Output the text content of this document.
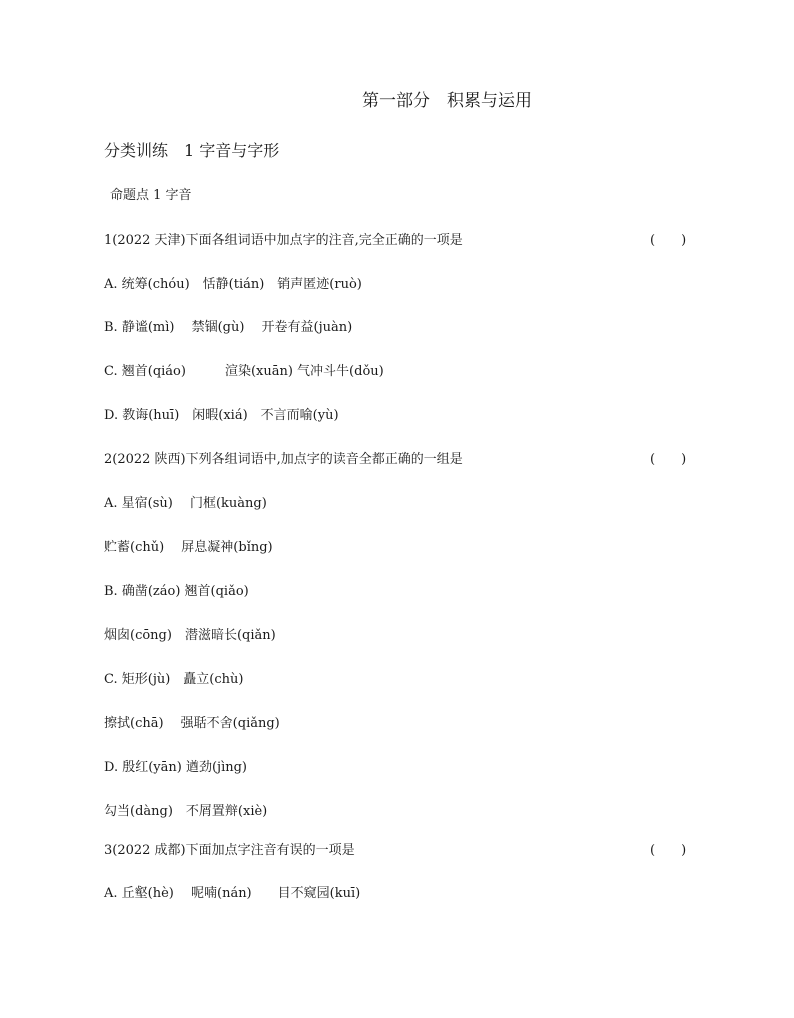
第一部分　积累与运用
分类训练　1 字音与字形
命题点 1 字音
1(2022 天津)下面各组词语中加点字的注音,完全正确的一项是	(　　)
A. 统筹(chóu)　恬静(tián)　销声匿迹(ruò)
B. 静谧(mì)　 禁锢(gù)　 开卷有益(juàn)
C. 翘首(qiáo)　　　渲染(xuān) 气冲斗牛(dǒu)
D. 教诲(huī)　闲暇(xiá)　不言而喻(yù)
2(2022 陕西)下列各组词语中,加点字的读音全都正确的一组是	(　　)
A. 星宿(sù)　 门框(kuàng)
贮蓄(chǔ)　 屏息凝神(bǐng)
B. 确凿(záo) 翘首(qiǎo)
烟囱(cōng)　潜滋暗长(qiǎn)
C. 矩形(jù)　矗立(chù)
擦拭(chā)　 强聒不舍(qiǎng)
D. 殷红(yān) 遒劲(jìng)
勾当(dàng)　不屑置辩(xiè)
3(2022 成都)下面加点字注音有误的一项是	(　　)
A. 丘壑(hè)　 呢喃(nán)　　目不窥园(kuī)
